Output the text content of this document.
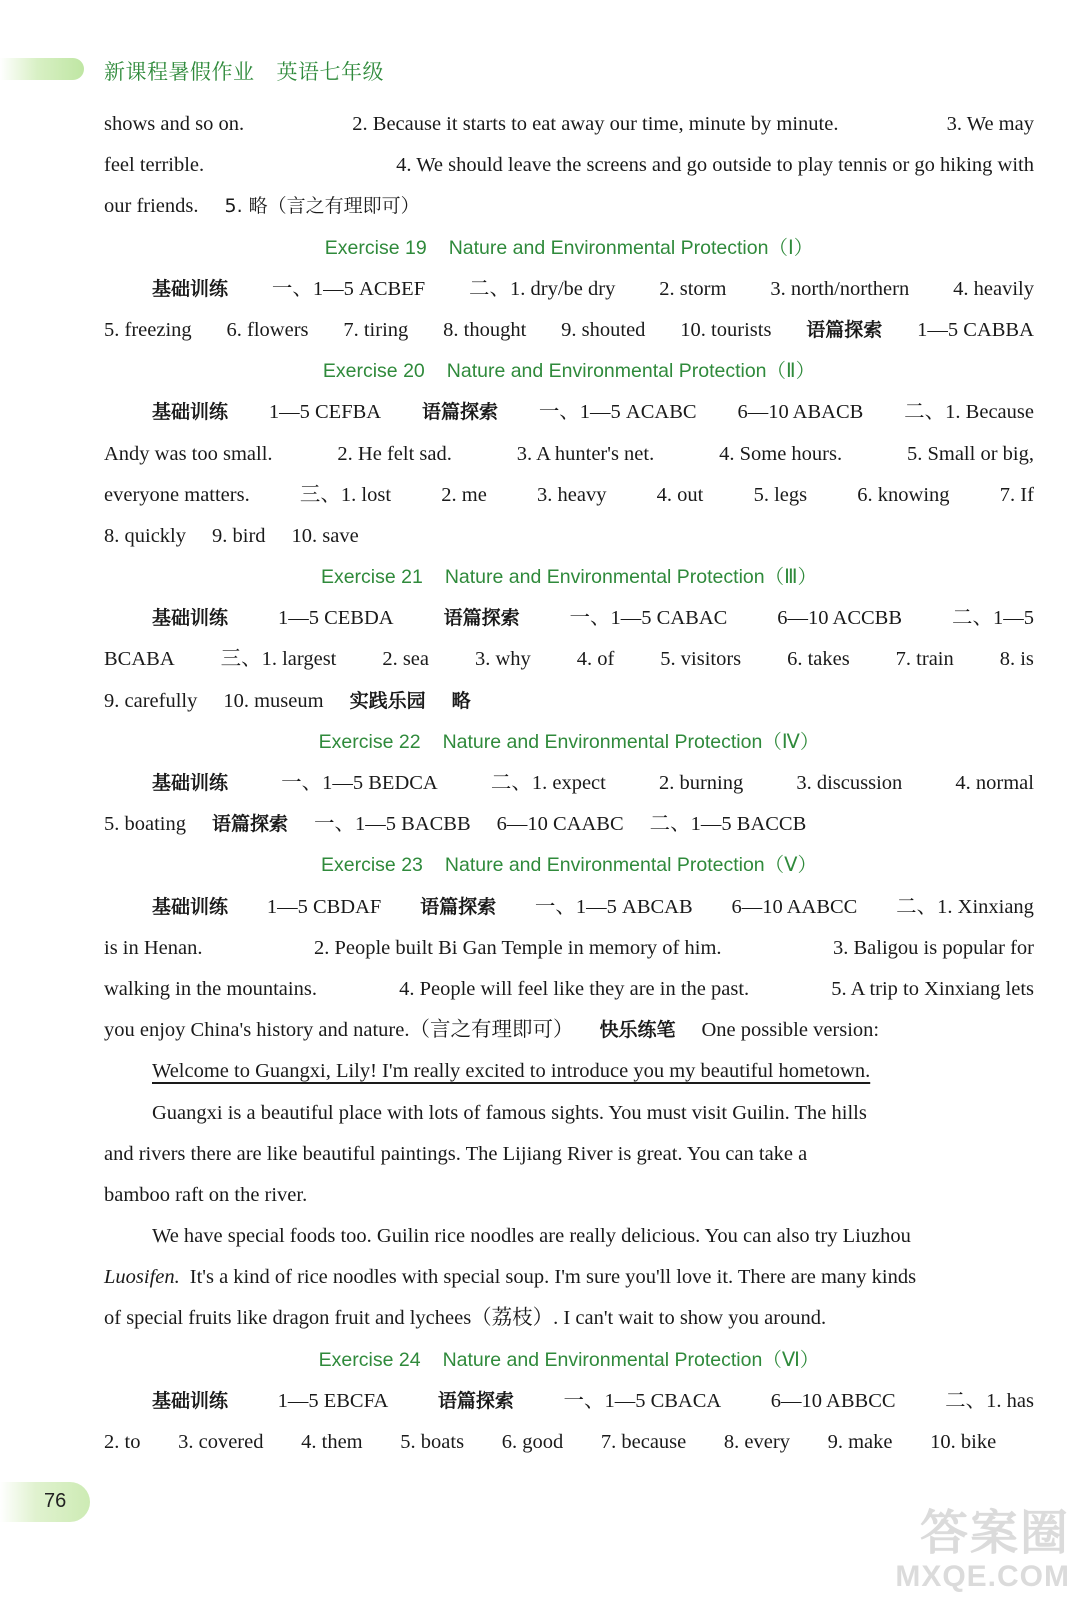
新课程暑假作业 英语七年级
shows and so on.	2. Because it starts to eat away our time, minute by minute.	3. We may
feel terrible.	4. We should leave the screens and go outside to play tennis or go hiking with
our friends. 5. 略（言之有理即可）
Exercise 19 Nature and Environmental Protection（Ⅰ）
基础训练 一、1—5 ACBEF 二、1. dry/be dry 2. storm 3. north/northern 4. heavily
5. freezing 6. flowers 7. tiring 8. thought 9. shouted 10. tourists 语篇探索 1—5 CABBA
Exercise 20 Nature and Environmental Protection（Ⅱ）
基础训练 1—5 CEFBA 语篇探索 一、1—5 ACABC 6—10 ABACB 二、1. Because
Andy was too small.	2. He felt sad.	3. A hunter's net.	4. Some hours.	5. Small or big,
everyone matters. 三、1. lost 2. me 3. heavy 4. out 5. legs 6. knowing 7. If
8. quickly 9. bird 10. save
Exercise 21 Nature and Environmental Protection（Ⅲ）
基础训练 1—5 CEBDA	语篇探索 一、1—5 CABAC 6—10 ACCBB 二、1—5
BCABA 三、1. largest 2. sea 3. why 4. of 5. visitors 6. takes 7. train 8. is
9. carefully 10. museum 实践乐园 略
Exercise 22 Nature and Environmental Protection（Ⅳ）
基础训练	一、1—5 BEDCA	二、1. expect	2. burning	3. discussion	4. normal
5. boating 语篇探索 一、1—5 BACBB 6—10 CAABC 二、1—5 BACCB
Exercise 23 Nature and Environmental Protection（Ⅴ）
基础训练 1—5 CBDAF 语篇探索 一、1—5 ABCAB 6—10 AABCC 二、1. Xinxiang
is in Henan.	2. People built Bi Gan Temple in memory of him.	3. Baligou is popular for
walking in the mountains.	4. People will feel like they are in the past.	5. A trip to Xinxiang lets
you enjoy China's history and nature.（言之有理即可） 快乐练笔 One possible version:
Welcome to Guangxi, Lily! I'm really excited to introduce you my beautiful hometown.
Guangxi is a beautiful place with lots of famous sights. You must visit Guilin. The hills
and rivers there are like beautiful paintings. The Lijiang River is great. You can take a
bamboo raft on the river.
We have special foods too. Guilin rice noodles are really delicious. You can also try Liuzhou
Luosifen. It's a kind of rice noodles with special soup. I'm sure you'll love it. There are many kinds
of special fruits like dragon fruit and lychees（荔枝）. I can't wait to show you around.
Exercise 24 Nature and Environmental Protection（Ⅵ）
基础训练 1—5 EBCFA	语篇探索 一、1—5 CBACA 6—10 ABBCC 二、1. has
2. to 3. covered 4. them 5. boats 6. good 7. because 8. every 9. make 10. bike
76
答案圈
MXQE.COM
